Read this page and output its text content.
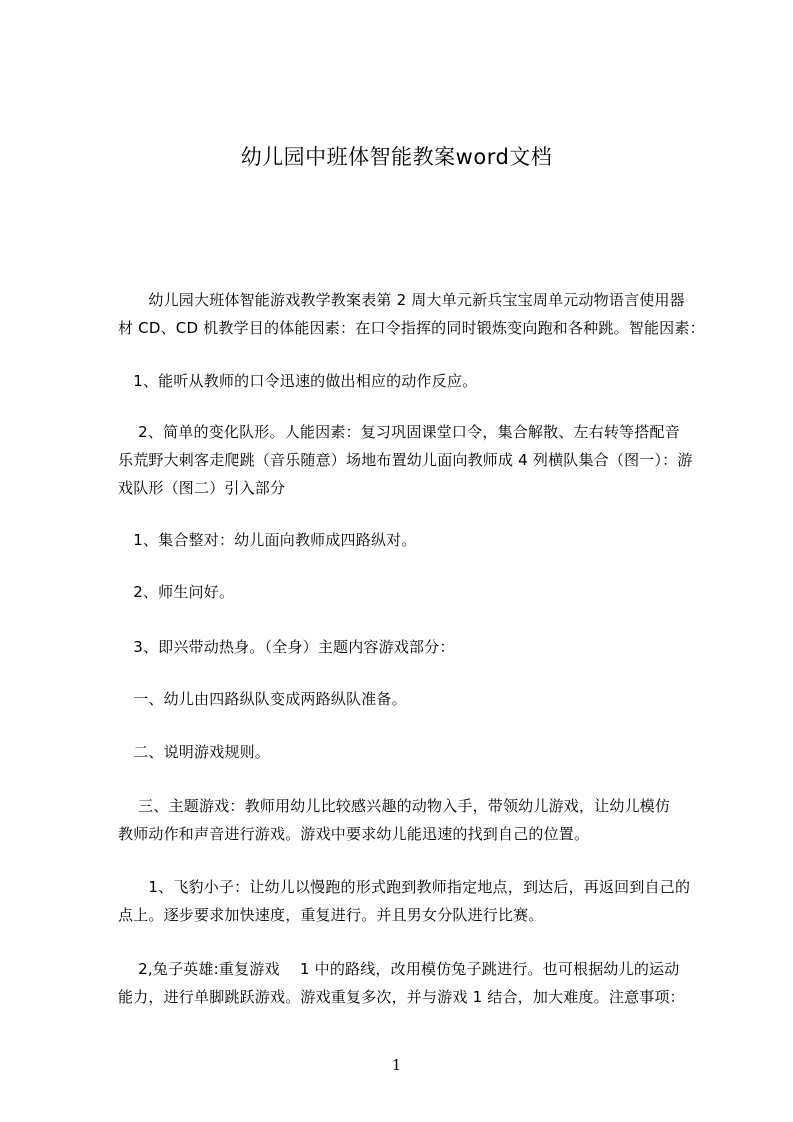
幼儿园中班体智能教案word文档
　　幼儿园大班体智能游戏教学教案表第 2 周大单元新兵宝宝周单元动物语言使用器
材 CD、CD 机教学目的体能因素：在口令指挥的同时锻炼变向跑和各种跳。智能因素：
　1、能听从教师的口令迅速的做出相应的动作反应。
　 2、简单的变化队形。人能因素：复习巩固课堂口令，集合解散、左右转等搭配音
乐荒野大刺客走爬跳（音乐随意）场地布置幼儿面向教师成 4 列横队集合（图一）：游
戏队形（图二）引入部分
　1、集合整对：幼儿面向教师成四路纵对。
　2、师生问好。
　3、即兴带动热身。（全身）主题内容游戏部分：
　一、幼儿由四路纵队变成两路纵队准备。
　二、说明游戏规则。
　 三、主题游戏：教师用幼儿比较感兴趣的动物入手，带领幼儿游戏，让幼儿模仿
教师动作和声音进行游戏。游戏中要求幼儿能迅速的找到自己的位置。
　　1、飞豹小子：让幼儿以慢跑的形式跑到教师指定地点，到达后，再返回到自己的
点上。逐步要求加快速度，重复进行。并且男女分队进行比赛。
　 2,兔子英雄:重复游戏　 1 中的路线，改用模仿兔子跳进行。也可根据幼儿的运动
能力，进行单脚跳跃游戏。游戏重复多次，并与游戏 1 结合，加大难度。注意事项：
1
